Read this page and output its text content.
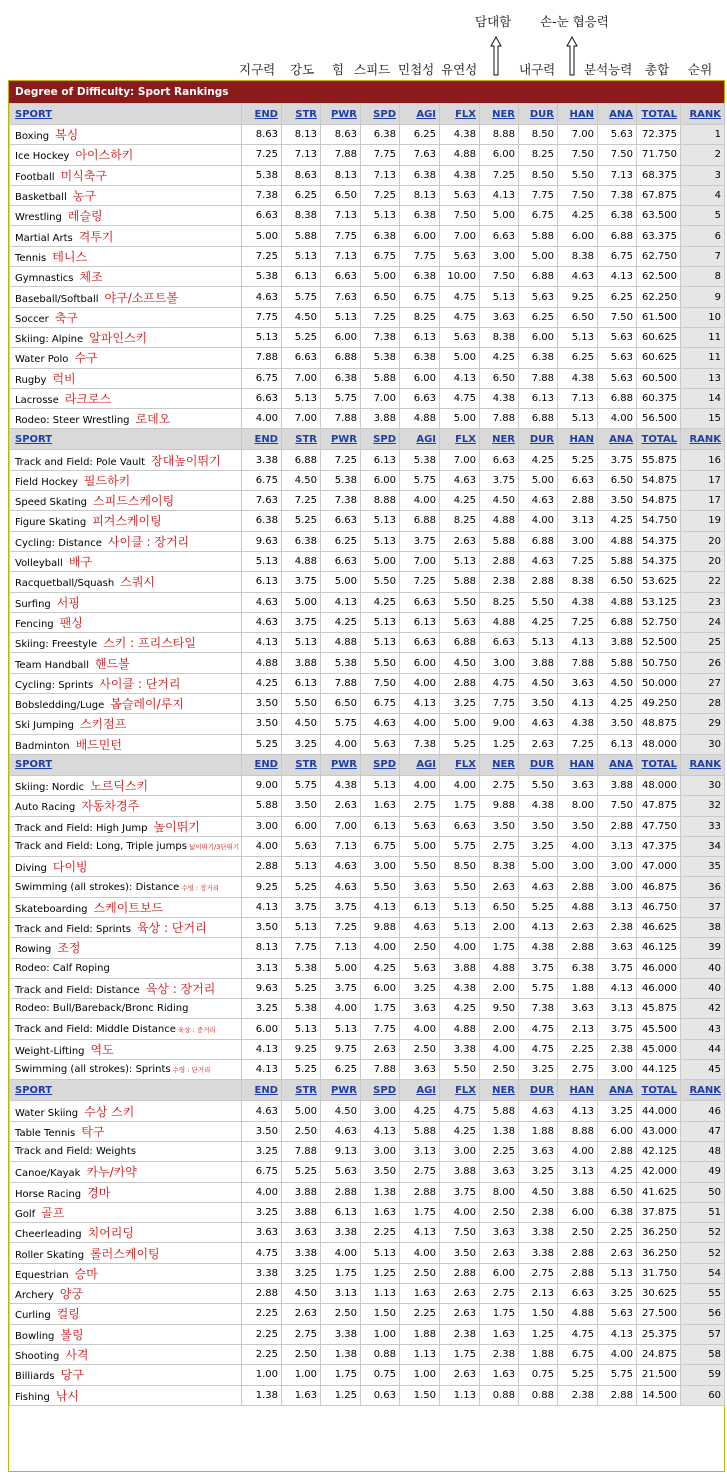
담대함 손-눈 협응력
지구력 강도 힘 스피드 민첩성 유연성	내구력 분석능력 총합 순위
Degree of Difficulty: Sport Rankings
SPORT	END	STR	PWR	SPD	AGI	FLX	NER	DUR	HAN	ANA	TOTAL	RANK
Boxing 복싱	8.63	8.13	8.63	6.38	6.25	4.38	8.88	8.50	7.00	5.63	72.375	1
Ice Hockey 아이스하키	7.25	7.13	7.88	7.75	7.63	4.88	6.00	8.25	7.50	7.50	71.750	2
Football 미식축구	5.38	8.63	8.13	7.13	6.38	4.38	7.25	8.50	5.50	7.13	68.375	3
Basketball 농구	7.38	6.25	6.50	7.25	8.13	5.63	4.13	7.75	7.50	7.38	67.875	4
Wrestling 레슬링	6.63	8.38	7.13	5.13	6.38	7.50	5.00	6.75	4.25	6.38	63.500	5
Martial Arts 격투기	5.00	5.88	7.75	6.38	6.00	7.00	6.63	5.88	6.00	6.88	63.375	6
Tennis 테니스	7.25	5.13	7.13	6.75	7.75	5.63	3.00	5.00	8.38	6.75	62.750	7
Gymnastics 체조	5.38	6.13	6.63	5.00	6.38	10.00	7.50	6.88	4.63	4.13	62.500	8
Baseball/Softball 야구/소프트볼	4.63	5.75	7.63	6.50	6.75	4.75	5.13	5.63	9.25	6.25	62.250	9
Soccer 축구	7.75	4.50	5.13	7.25	8.25	4.75	3.63	6.25	6.50	7.50	61.500	10
Skiing: Alpine 알파인스키	5.13	5.25	6.00	7.38	6.13	5.63	8.38	6.00	5.13	5.63	60.625	11
Water Polo 수구	7.88	6.63	6.88	5.38	6.38	5.00	4.25	6.38	6.25	5.63	60.625	11
Rugby 럭비	6.75	7.00	6.38	5.88	6.00	4.13	6.50	7.88	4.38	5.63	60.500	13
Lacrosse 라크로스	6.63	5.13	5.75	7.00	6.63	4.75	4.38	6.13	7.13	6.88	60.375	14
Rodeo: Steer Wrestling 로데오	4.00	7.00	7.88	3.88	4.88	5.00	7.88	6.88	5.13	4.00	56.500	15
SPORT	END	STR	PWR	SPD	AGI	FLX	NER	DUR	HAN	ANA	TOTAL	RANK
Track and Field: Pole Vault 장대높이뛰기	3.38	6.88	7.25	6.13	5.38	7.00	6.63	4.25	5.25	3.75	55.875	16
Field Hockey 필드하키	6.75	4.50	5.38	6.00	5.75	4.63	3.75	5.00	6.63	6.50	54.875	17
Speed Skating 스피드스케이팅	7.63	7.25	7.38	8.88	4.00	4.25	4.50	4.63	2.88	3.50	54.875	17
Figure Skating 피겨스케이팅	6.38	5.25	6.63	5.13	6.88	8.25	4.88	4.00	3.13	4.25	54.750	19
Cycling: Distance 사이클 : 장거리	9.63	6.38	6.25	5.13	3.75	2.63	5.88	6.88	3.00	4.88	54.375	20
Volleyball 배구	5.13	4.88	6.63	5.00	7.00	5.13	2.88	4.63	7.25	5.88	54.375	20
Racquetball/Squash 스쿼시	6.13	3.75	5.00	5.50	7.25	5.88	2.38	2.88	8.38	6.50	53.625	22
Surfing 서핑	4.63	5.00	4.13	4.25	6.63	5.50	8.25	5.50	4.38	4.88	53.125	23
Fencing 팬싱	4.63	3.75	4.25	5.13	6.13	5.63	4.88	4.25	7.25	6.88	52.750	24
Skiing: Freestyle 스키 : 프리스타일	4.13	5.13	4.88	5.13	6.63	6.88	6.63	5.13	4.13	3.88	52.500	25
Team Handball 핸드볼	4.88	3.88	5.38	5.50	6.00	4.50	3.00	3.88	7.88	5.88	50.750	26
Cycling: Sprints 사이클 : 단거리	4.25	6.13	7.88	7.50	4.00	2.88	4.75	4.50	3.63	4.50	50.000	27
Bobsledding/Luge 봅슬레이/루지	3.50	5.50	6.50	6.75	4.13	3.25	7.75	3.50	4.13	4.25	49.250	28
Ski Jumping 스키점프	3.50	4.50	5.75	4.63	4.00	5.00	9.00	4.63	4.38	3.50	48.875	29
Badminton 배드민턴	5.25	3.25	4.00	5.63	7.38	5.25	1.25	2.63	7.25	6.13	48.000	30
SPORT	END	STR	PWR	SPD	AGI	FLX	NER	DUR	HAN	ANA	TOTAL	RANK
Skiing: Nordic 노르딕스키	9.00	5.75	4.38	5.13	4.00	4.00	2.75	5.50	3.63	3.88	48.000	30
Auto Racing 자동차경주	5.88	3.50	2.63	1.63	2.75	1.75	9.88	4.38	8.00	7.50	47.875	32
Track and Field: High Jump 높이뛰기	3.00	6.00	7.00	6.13	5.63	6.63	3.50	3.50	3.50	2.88	47.750	33
Track and Field: Long, Triple jumps 넓이뛰기/3단뛰기	4.00	5.63	7.13	6.75	5.00	5.75	2.75	3.25	4.00	3.13	47.375	34
Diving 다이빙	2.88	5.13	4.63	3.00	5.50	8.50	8.38	5.00	3.00	3.00	47.000	35
Swimming (all strokes): Distance 수영 : 장거리	9.25	5.25	4.63	5.50	3.63	5.50	2.63	4.63	2.88	3.00	46.875	36
Skateboarding 스케이트보드	4.13	3.75	3.75	4.13	6.13	5.13	6.50	5.25	4.88	3.13	46.750	37
Track and Field: Sprints 육상 : 단거리	3.50	5.13	7.25	9.88	4.63	5.13	2.00	4.13	2.63	2.38	46.625	38
Rowing 조정	8.13	7.75	7.13	4.00	2.50	4.00	1.75	4.38	2.88	3.63	46.125	39
Rodeo: Calf Roping	3.13	5.38	5.00	4.25	5.63	3.88	4.88	3.75	6.38	3.75	46.000	40
Track and Field: Distance 육상 : 장거리	9.63	5.25	3.75	6.00	3.25	4.38	2.00	5.75	1.88	4.13	46.000	40
Rodeo: Bull/Bareback/Bronc Riding	3.25	5.38	4.00	1.75	3.63	4.25	9.50	7.38	3.63	3.13	45.875	42
Track and Field: Middle Distance 육상 : 중거리	6.00	5.13	5.13	7.75	4.00	4.88	2.00	4.75	2.13	3.75	45.500	43
Weight-Lifting 역도	4.13	9.25	9.75	2.63	2.50	3.38	4.00	4.75	2.25	2.38	45.000	44
Swimming (all strokes): Sprints 수영 : 단거리	4.13	5.25	6.25	7.88	3.63	5.50	2.50	3.25	2.75	3.00	44.125	45
SPORT	END	STR	PWR	SPD	AGI	FLX	NER	DUR	HAN	ANA	TOTAL	RANK
Water Skiing 수상 스키	4.63	5.00	4.50	3.00	4.25	4.75	5.88	4.63	4.13	3.25	44.000	46
Table Tennis 탁구	3.50	2.50	4.63	4.13	5.88	4.25	1.38	1.88	8.88	6.00	43.000	47
Track and Field: Weights	3.25	7.88	9.13	3.00	3.13	3.00	2.25	3.63	4.00	2.88	42.125	48
Canoe/Kayak 카누/카약	6.75	5.25	5.63	3.50	2.75	3.88	3.63	3.25	3.13	4.25	42.000	49
Horse Racing 경마	4.00	3.88	2.88	1.38	2.88	3.75	8.00	4.50	3.88	6.50	41.625	50
Golf 골프	3.25	3.88	6.13	1.63	1.75	4.00	2.50	2.38	6.00	6.38	37.875	51
Cheerleading 치어리딩	3.63	3.63	3.38	2.25	4.13	7.50	3.63	3.38	2.50	2.25	36.250	52
Roller Skating 롤러스케이팅	4.75	3.38	4.00	5.13	4.00	3.50	2.63	3.38	2.88	2.63	36.250	52
Equestrian 승마	3.38	3.25	1.75	1.25	2.50	2.88	6.00	2.75	2.88	5.13	31.750	54
Archery 양궁	2.88	4.50	3.13	1.13	1.63	2.63	2.75	2.13	6.63	3.25	30.625	55
Curling 컬링	2.25	2.63	2.50	1.50	2.25	2.63	1.75	1.50	4.88	5.63	27.500	56
Bowling 볼링	2.25	2.75	3.38	1.00	1.88	2.38	1.63	1.25	4.75	4.13	25.375	57
Shooting 사격	2.25	2.50	1.38	0.88	1.13	1.75	2.38	1.88	6.75	4.00	24.875	58
Billiards 당구	1.00	1.00	1.75	0.75	1.00	2.63	1.63	0.75	5.25	5.75	21.500	59
Fishing 낚시	1.38	1.63	1.25	0.63	1.50	1.13	0.88	0.88	2.38	2.88	14.500	60
